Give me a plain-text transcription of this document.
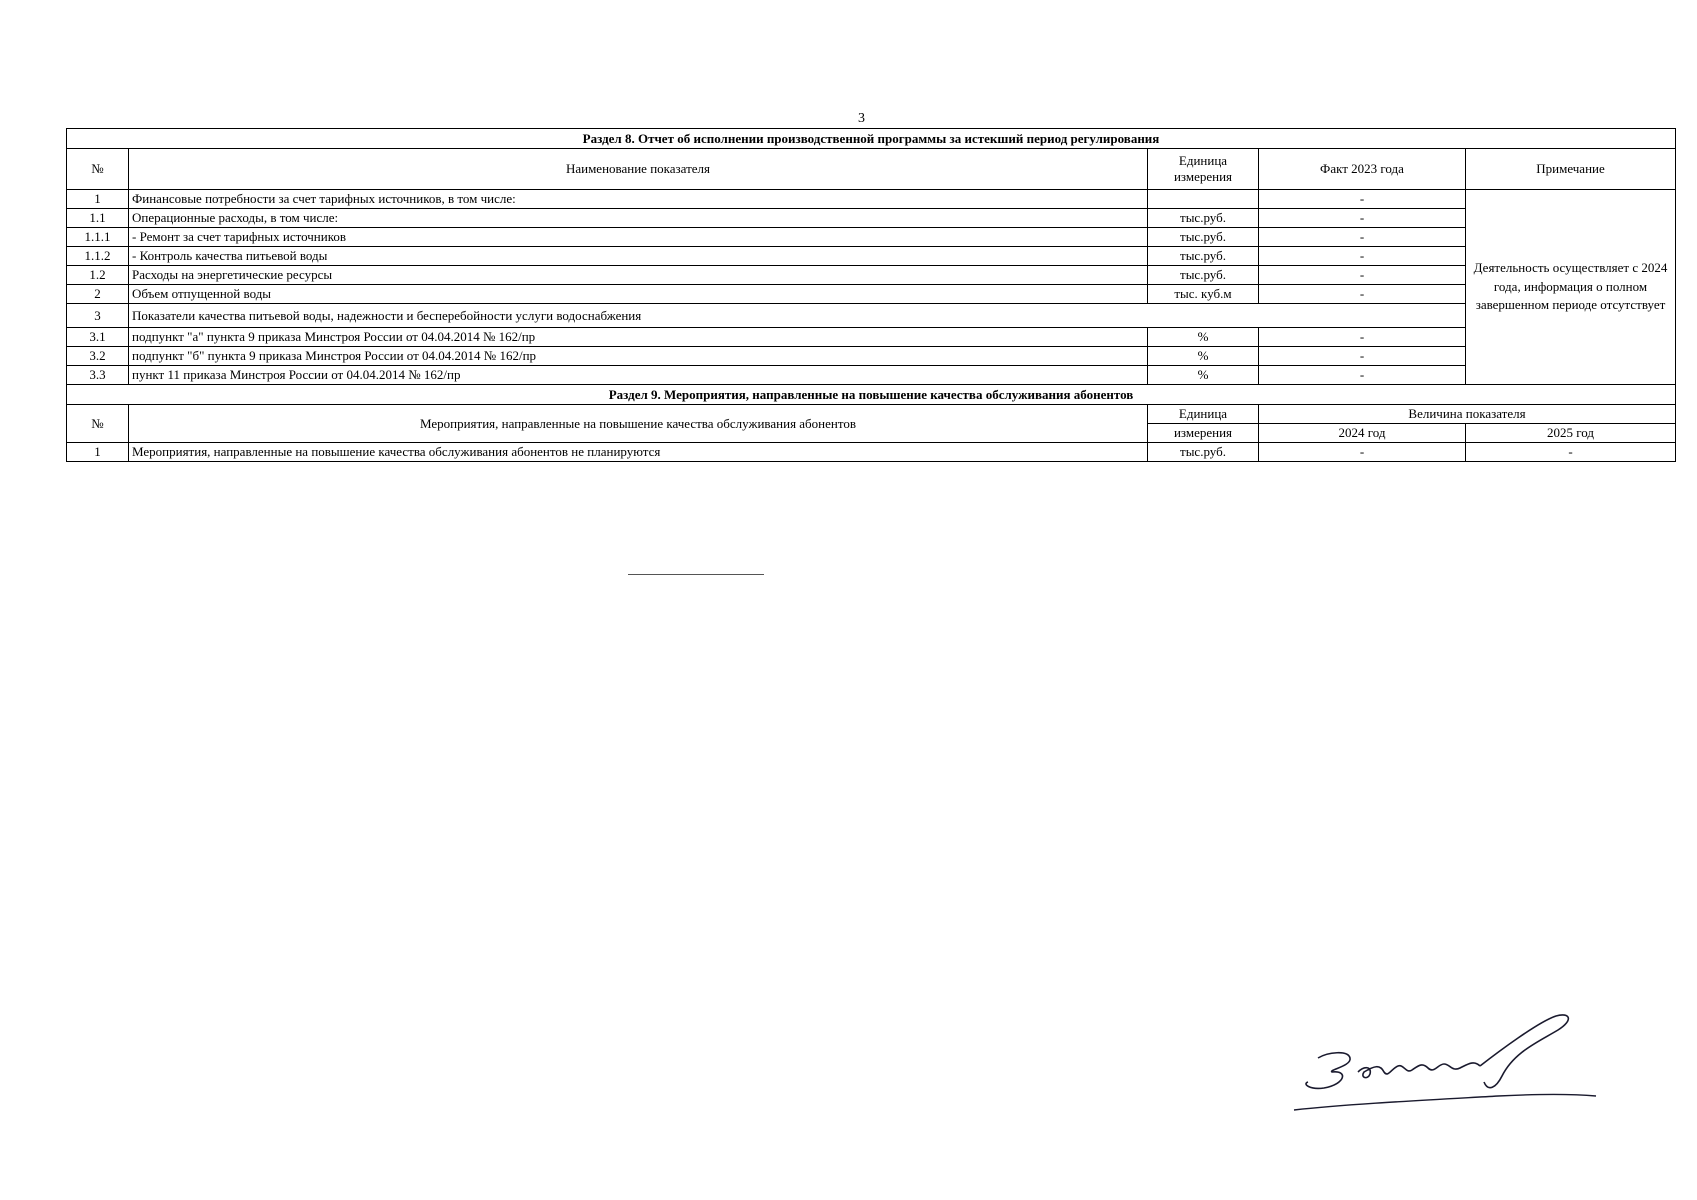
3
Раздел 8. Отчет об исполнении производственной программы за истекший период регулирования				
№	Наименование показателя	Единица измерения	Факт 2023 года	Примечание
1	Финансовые потребности за счет тарифных источников, в том числе:		-	Деятельность осуществляет с 2024 года, информация о полном завершенном периоде отсутствует
1.1	Операционные расходы, в том числе:	тыс.руб.	-	
1.1.1	- Ремонт за счет тарифных источников	тыс.руб.	-	
1.1.2	- Контроль качества питьевой воды	тыс.руб.	-	
1.2	Расходы на энергетические ресурсы	тыс.руб.	-	
2	Объем отпущенной воды	тыс. куб.м	-	
3	Показатели качества питьевой воды, надежности и бесперебойности услуги водоснабжения			
3.1	подпункт "а" пункта 9 приказа Минстроя России от 04.04.2014 № 162/пр	%	-	
3.2	подпункт "б" пункта 9 приказа Минстроя России от 04.04.2014 № 162/пр	%	-	
3.3	пункт 11 приказа Минстроя России от 04.04.2014 № 162/пр	%	-	
Раздел 9. Мероприятия, направленные на повышение качества обслуживания абонентов				
№	Мероприятия, направленные на повышение качества обслуживания абонентов	Единица	Величина показателя	
		измерения	2024 год	2025 год
1	Мероприятия, направленные на повышение качества обслуживания абонентов не планируются	тыс.руб.	-	-
